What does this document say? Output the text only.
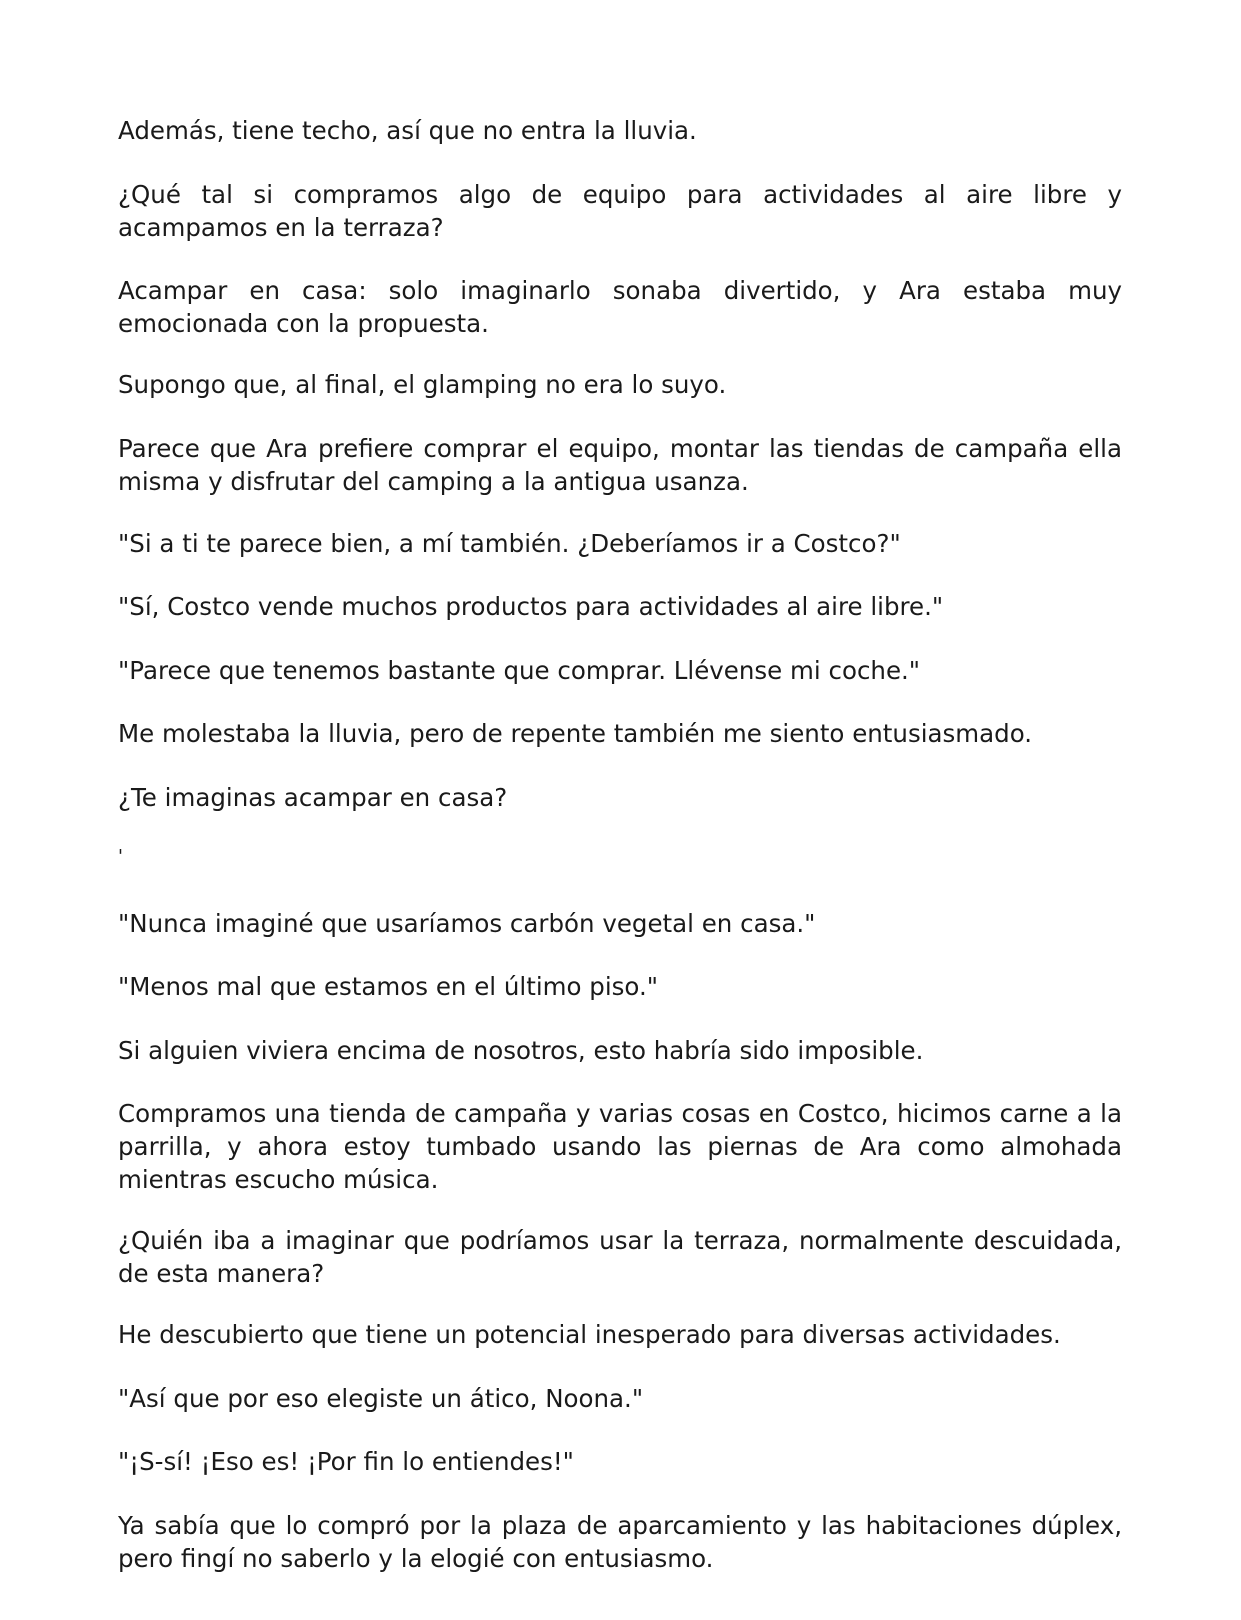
Además, tiene techo, así que no entra la lluvia.

¿Qué tal si compramos algo de equipo para actividades al aire libre y acampamos en la terraza?

Acampar en casa: solo imaginarlo sonaba divertido, y Ara estaba muy emocionada con la propuesta.

Supongo que, al final, el glamping no era lo suyo.

Parece que Ara prefiere comprar el equipo, montar las tiendas de campaña ella misma y disfrutar del camping a la antigua usanza.

"Si a ti te parece bien, a mí también. ¿Deberíamos ir a Costco?"

"Sí, Costco vende muchos productos para actividades al aire libre."

"Parece que tenemos bastante que comprar. Llévense mi coche."

Me molestaba la lluvia, pero de repente también me siento entusiasmado.

¿Te imaginas acampar en casa?

'

"Nunca imaginé que usaríamos carbón vegetal en casa."

"Menos mal que estamos en el último piso."

Si alguien viviera encima de nosotros, esto habría sido imposible.

Compramos una tienda de campaña y varias cosas en Costco, hicimos carne a la parrilla, y ahora estoy tumbado usando las piernas de Ara como almohada mientras escucho música.

¿Quién iba a imaginar que podríamos usar la terraza, normalmente descuidada, de esta manera?

He descubierto que tiene un potencial inesperado para diversas actividades.

"Así que por eso elegiste un ático, Noona."

"¡S-sí! ¡Eso es! ¡Por fin lo entiendes!"

Ya sabía que lo compró por la plaza de aparcamiento y las habitaciones dúplex, pero fingí no saberlo y la elogié con entusiasmo.
